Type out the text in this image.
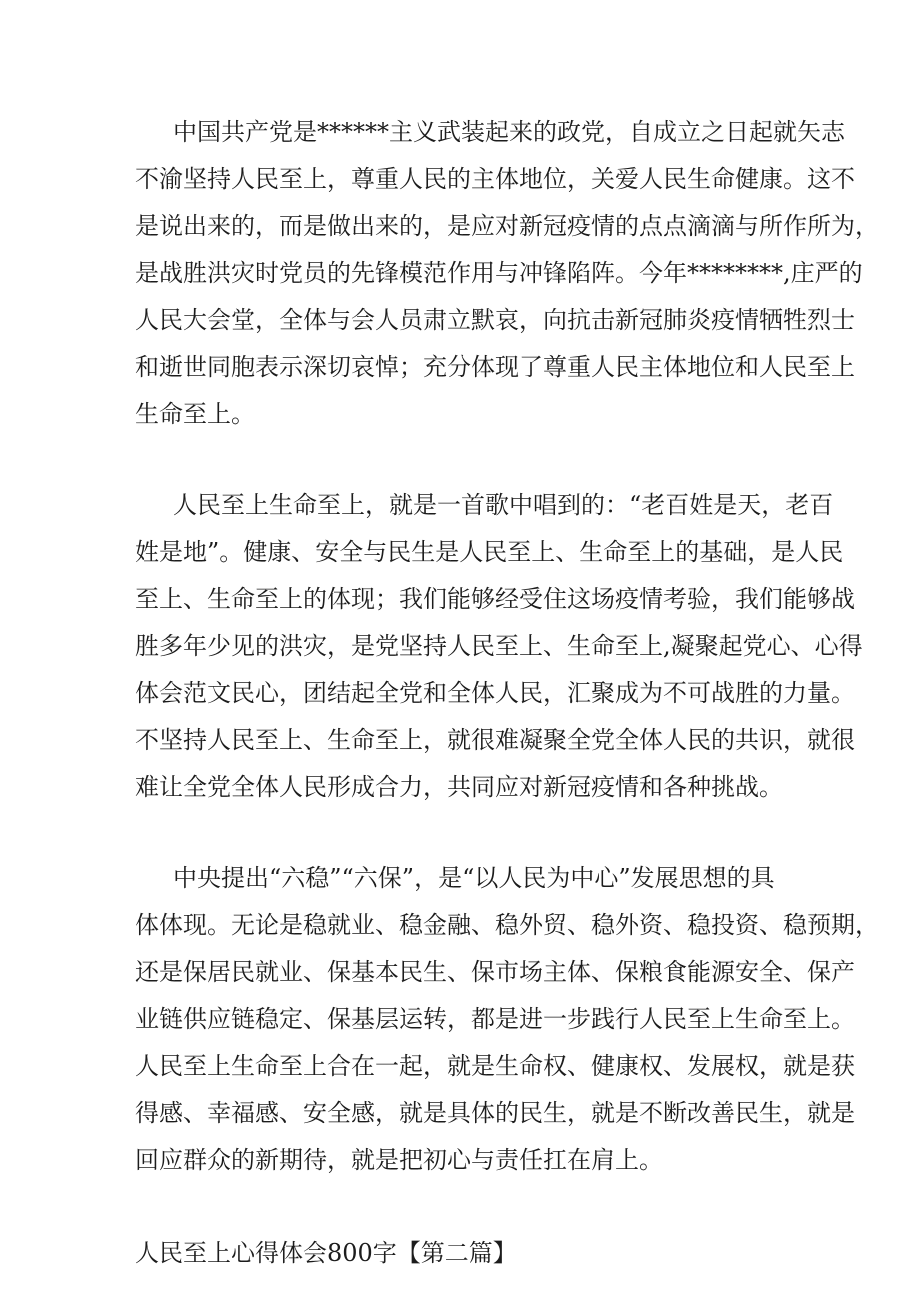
中国共产党是******主义武装起来的政党，自成立之日起就矢志
不渝坚持人民至上，尊重人民的主体地位，关爱人民生命健康。这不
是说出来的，而是做出来的，是应对新冠疫情的点点滴滴与所作所为，
是战胜洪灾时党员的先锋模范作用与冲锋陷阵。今年********,庄严的
人民大会堂，全体与会人员肃立默哀，向抗击新冠肺炎疫情牺牲烈士
和逝世同胞表示深切哀悼；充分体现了尊重人民主体地位和人民至上
生命至上。
人民至上生命至上，就是一首歌中唱到的：“老百姓是天，老百
姓是地”。健康、安全与民生是人民至上、生命至上的基础，是人民
至上、生命至上的体现；我们能够经受住这场疫情考验，我们能够战
胜多年少见的洪灾，是党坚持人民至上、生命至上,凝聚起党心、心得
体会范文民心，团结起全党和全体人民，汇聚成为不可战胜的力量。
不坚持人民至上、生命至上，就很难凝聚全党全体人民的共识，就很
难让全党全体人民形成合力，共同应对新冠疫情和各种挑战。
中央提出“六稳”“六保”，是“以人民为中心”发展思想的具
体体现。无论是稳就业、稳金融、稳外贸、稳外资、稳投资、稳预期，
还是保居民就业、保基本民生、保市场主体、保粮食能源安全、保产
业链供应链稳定、保基层运转，都是进一步践行人民至上生命至上。
人民至上生命至上合在一起，就是生命权、健康权、发展权，就是获
得感、幸福感、安全感，就是具体的民生，就是不断改善民生，就是
回应群众的新期待，就是把初心与责任扛在肩上。
人民至上心得体会800字【第二篇】
